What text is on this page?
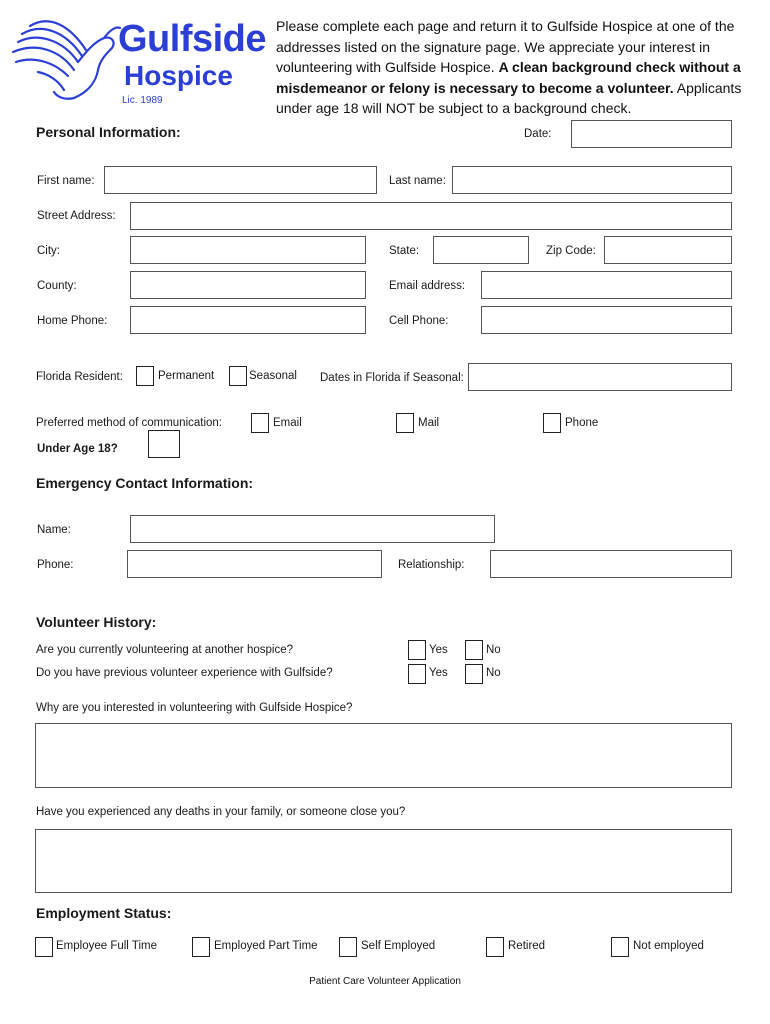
Gulfside
Hospice
Lic. 1989
Please complete each page and return it to Gulfside Hospice at one of the addresses listed on the signature page. We appreciate your interest in volunteering with Gulfside Hospice. A clean background check without a misdemeanor or felony is necessary to become a volunteer. Applicants under age 18 will NOT be subject to a background check.
Personal Information:	Date:
First name:	Last name:
Street Address:
City:	State:	Zip Code:
County:	Email address:
Home Phone:	Cell Phone:
Florida Resident:	Permanent	Seasonal Dates in Florida if Seasonal:
Preferred method of communication:	Email	Mail	Phone
Under Age 18?
Emergency Contact Information:
Name:
Phone:	Relationship:
Volunteer History:
Are you currently volunteering at another hospice?	Yes	No
Do you have previous volunteer experience with Gulfside?	Yes	No
Why are you interested in volunteering with Gulfside Hospice?
Have you experienced any deaths in your family, or someone close you?
Employment Status:
Employee Full Time	Employed Part Time	Self Employed	Retired	Not employed
Patient Care Volunteer Application
